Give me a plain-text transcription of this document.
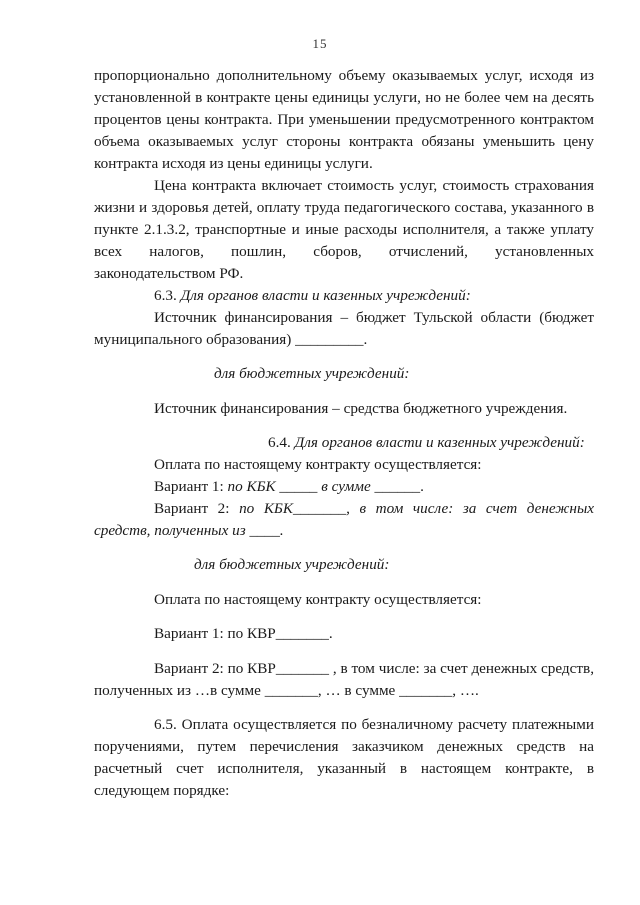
15
пропорционально дополнительному объему оказываемых услуг, исходя из
установленной в контракте цены единицы услуги, но не более чем на десять
процентов цены контракта. При уменьшении предусмотренного контрактом
объема оказываемых услуг стороны контракта обязаны уменьшить цену
контракта исходя из цены единицы услуги.
Цена контракта включает стоимость услуг, стоимость страхования
жизни и здоровья детей, оплату труда педагогического состава, указанного в
пункте 2.1.3.2, транспортные и иные расходы исполнителя, а также уплату
всех налогов, пошлин, сборов, отчислений, установленных
законодательством РФ.
6.3. Для органов власти и казенных учреждений:
Источник финансирования – бюджет Тульской области (бюджет
муниципального образования) _________.
для бюджетных учреждений:
Источник финансирования – средства бюджетного учреждения.
6.4. Для органов власти и казенных учреждений:
Оплата по настоящему контракту осуществляется:
Вариант 1: по КБК _____ в сумме ______.
Вариант 2: по КБК_______, в том числе: за счет денежных
средств, полученных из ____.
для бюджетных учреждений:
Оплата по настоящему контракту осуществляется:
Вариант 1: по КВР_______.
Вариант 2: по КВР_______ , в том числе: за счет денежных средств,
полученных из …в сумме _______, … в сумме _______, ….
6.5. Оплата осуществляется по безналичному расчету платежными
поручениями, путем перечисления заказчиком денежных средств на
расчетный счет исполнителя, указанный в настоящем контракте, в
следующем порядке:
